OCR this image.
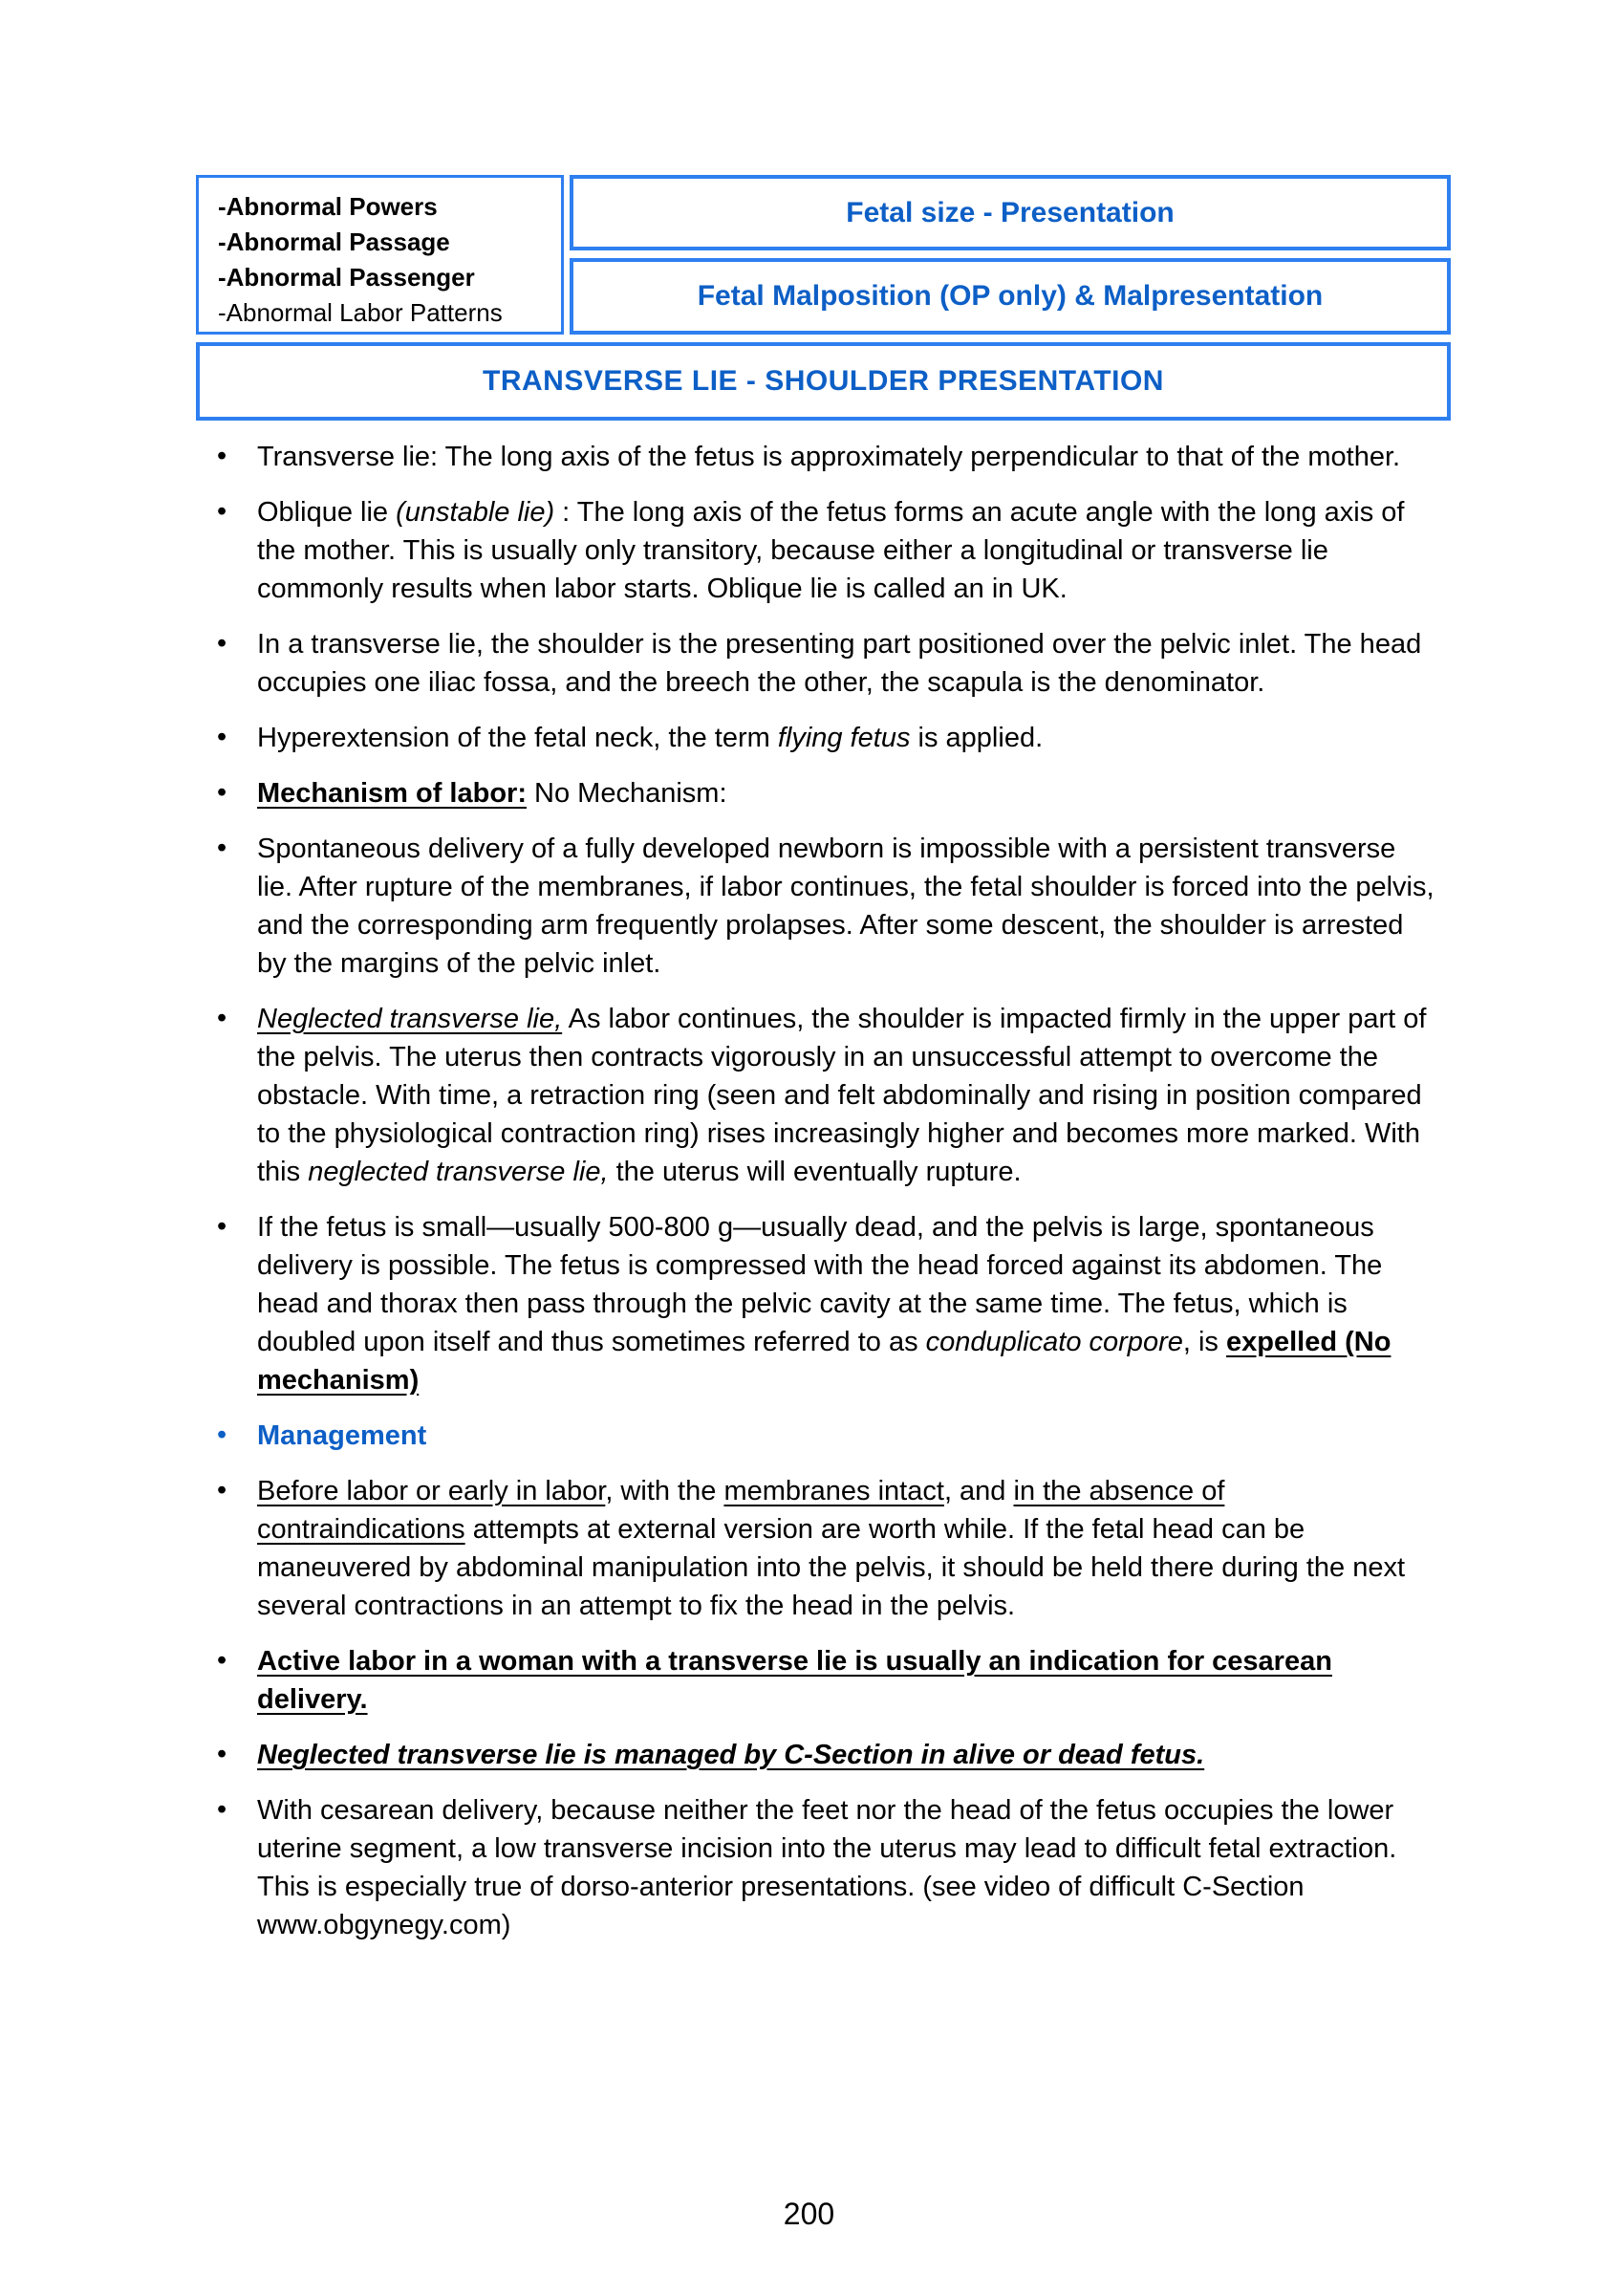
-Abnormal Powers
-Abnormal Passage
-Abnormal Passenger
-Abnormal Labor Patterns
Fetal size - Presentation
Fetal Malposition (OP only) & Malpresentation
TRANSVERSE LIE - SHOULDER PRESENTATION
• Transverse lie: The long axis of the fetus is approximately perpendicular to that of the mother.
• Oblique lie (unstable lie) : The long axis of the fetus forms an acute angle with the long axis of the mother. This is usually only transitory, because either a longitudinal or transverse lie commonly results when labor starts. Oblique lie is called an in UK.
• In a transverse lie, the shoulder is the presenting part positioned over the pelvic inlet. The head occupies one iliac fossa, and the breech the other, the scapula is the denominator.
• Hyperextension of the fetal neck, the term flying fetus is applied.
• Mechanism of labor: No Mechanism:
• Spontaneous delivery of a fully developed newborn is impossible with a persistent transverse lie. After rupture of the membranes, if labor continues, the fetal shoulder is forced into the pelvis, and the corresponding arm frequently prolapses. After some descent, the shoulder is arrested by the margins of the pelvic inlet.
• Neglected transverse lie, As labor continues, the shoulder is impacted firmly in the upper part of the pelvis. The uterus then contracts vigorously in an unsuccessful attempt to overcome the obstacle. With time, a retraction ring (seen and felt abdominally and rising in position compared to the physiological contraction ring) rises increasingly higher and becomes more marked. With this neglected transverse lie, the uterus will eventually rupture.
• If the fetus is small—usually 500-800 g—usually dead, and the pelvis is large, spontaneous delivery is possible. The fetus is compressed with the head forced against its abdomen. The head and thorax then pass through the pelvic cavity at the same time. The fetus, which is doubled upon itself and thus sometimes referred to as conduplicato corpore, is expelled (No mechanism)
• Management
• Before labor or early in labor, with the membranes intact, and in the absence of contraindications attempts at external version are worth while. If the fetal head can be maneuvered by abdominal manipulation into the pelvis, it should be held there during the next several contractions in an attempt to fix the head in the pelvis.
• Active labor in a woman with a transverse lie is usually an indication for cesarean delivery.
• Neglected transverse lie is managed by C-Section in alive or dead fetus.
• With cesarean delivery, because neither the feet nor the head of the fetus occupies the lower uterine segment, a low transverse incision into the uterus may lead to difficult fetal extraction. This is especially true of dorso-anterior presentations. (see video of difficult C-Section www.obgynegy.com)
200
